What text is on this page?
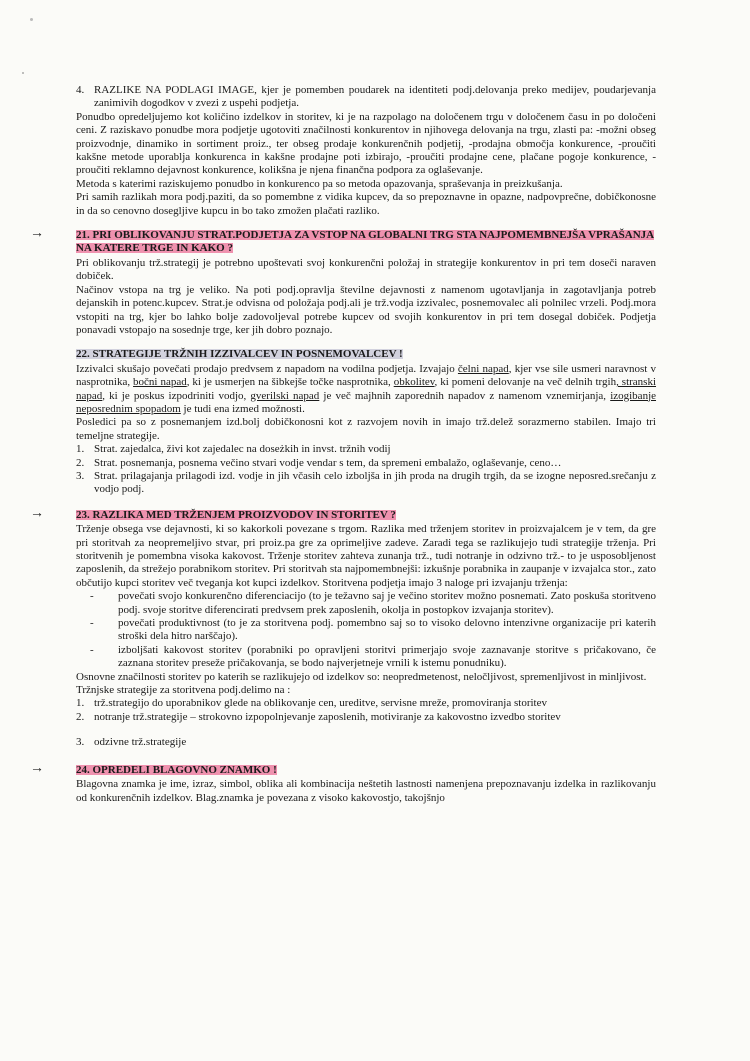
4. RAZLIKE NA PODLAGI IMAGE, kjer je pomemben poudarek na identiteti podj.delovanja preko medijev, poudarjevanja zanimivih dogodkov v zvezi z uspehi podjetja.

Ponudbo opredeljujemo kot količino izdelkov in storitev, ki je na razpolago na določenem trgu v določenem času in po določeni ceni. Z raziskavo ponudbe mora podjetje ugotoviti značilnosti konkurentov in njihovega delovanja na trgu, zlasti pa: -možni obseg proizvodnje, dinamiko in sortiment proiz., ter obseg prodaje konkurenčnih podjetij, -prodajna območja konkurence, -proučiti kakšne metode uporablja konkurenca in kakšne prodajne poti izbirajo, -proučiti prodajne cene, plačane pogoje konkurence, -proučiti reklamno dejavnost konkurence, kolikšna je njena finančna podpora za oglaševanje.

Metoda s katerimi raziskujemo ponudbo in konkurenco pa so metoda opazovanja, spraševanja in preizkušanja.

Pri samih razlikah mora podj.paziti, da so pomembne z vidika kupcev, da so prepoznavne in opazne, nadpovprečne, dobičkonosne in da so cenovno dosegljive kupcu in bo tako zmožen plačati razliko.

→	21. PRI OBLIKOVANJU STRAT.PODJETJA ZA VSTOP NA GLOBALNI TRG STA NAJPOMEMBNEJŠA VPRAŠANJA NA KATERE TRGE IN KAKO ?

Pri oblikovanju trž.strategij je potrebno upoštevati svoj konkurenčni položaj in strategije konkurentov in pri tem doseči naraven dobiček.

Načinov vstopa na trg je veliko. Na poti podj.opravlja številne dejavnosti z namenom ugotavljanja in zagotavljanja potreb dejanskih in potenc.kupcev. Strat.je odvisna od položaja podj.ali je trž.vodja izzivalec, posnemovalec ali polnilec vrzeli. Podj.mora vstopiti na trg, kjer bo lahko bolje zadovoljeval potrebe kupcev od svojih konkurentov in pri tem dosegal dobiček. Podjetja ponavadi vstopajo na sosednje trge, ker jih dobro poznajo.

22. STRATEGIJE TRŽNIH IZZIVALCEV IN POSNEMOVALCEV !

Izzivalci skušajo povečati prodajo predvsem z napadom na vodilna podjetja. Izvajajo čelni napad, kjer vse sile usmeri naravnost v nasprotnika, bočni napad, ki je usmerjen na šibkejše točke nasprotnika, obkolitev, ki pomeni delovanje na več delnih trgih, stranski napad, ki je poskus izpodriniti vodjo, gverilski napad je več majhnih zaporednih napadov z namenom vznemirjanja, izogibanje neposrednim spopadom je tudi ena izmed možnosti.

Posledici pa so z posnemanjem izd.bolj dobičkonosni kot z razvojem novih in imajo trž.delež sorazmerno stabilen. Imajo tri temeljne strategije.

1. Strat. zajedalca, živi kot zajedalec na doseżkih in invst. tržnih vodij
2. Strat. posnemanja, posnema večino stvari vodje vendar s tem, da spremeni embalažo, oglaševanje, ceno…
3. Strat. prilagajanja prilagodi izd. vodje in jih včasih celo izboljša in jih proda na drugih trgih, da se izogne neposred.srečanju z vodjo podj.
→	23. RAZLIKA MED TRŽENJEM PROIZVODOV IN STORITEV ?

Trženje obsega vse dejavnosti, ki so kakorkoli povezane s trgom. Razlika med trženjem storitev in proizvajalcem je v tem, da gre pri storitvah za neopremeljivo stvar, pri proiz.pa gre za oprimeljive zadeve. Zaradi tega se razlikujejo tudi strategije trženja. Pri storitvenih je pomembna visoka kakovost. Trženje storitev zahteva zunanja trž., tudi notranje in odzivno trž.- to je usposobljenost zaposlenih, da strežejo porabnikom storitev. Pri storitvah sta najpomembnejši: izkušnje porabnika in zaupanje v izvajalca stor., zato občutijo kupci storitev več tveganja kot kupci izdelkov. Storitvena podjetja imajo 3 naloge pri izvajanju trženja:

-	povečati svojo konkurenčno diferenciacijo (to je težavno saj je večino storitev možno posnemati. Zato poskuša storitveno podj. svoje storitve diferencirati predvsem prek zaposlenih, okolja in postopkov izvajanja storitev).
-	povečati produktivnost (to je za storitvena podj. pomembno saj so to visoko delovno intenzivne organizacije pri katerih stroški dela hitro narščajo).
-	izboljšati kakovost storitev (porabniki po opravljeni storitvi primerjajo svoje zaznavanje storitve s pričakovano, če zaznana storitev preseže pričakovanja, se bodo najverjetneje vrnili k istemu ponudniku).

Osnovne značilnosti storitev po katerih se razlikujejo od izdelkov so: neopredmetenost, neločljivost, spremenljivost in minljivost.

Tržnjske strategije za storitvena podj.delimo na :

1. trž.strategijo do uporabnikov glede na oblikovanje cen, ureditve, servisne mreže, promoviranja storitev
2. notranje trž.strategije – strokovno izpopolnjevanje zaposlenih, motiviranje za kakovostno izvedbo storitev
3. odzivne trž.strategije
→	24. OPREDELI BLAGOVNO ZNAMKO !

Blagovna znamka je ime, izraz, simbol, oblika ali kombinacija neštetih lastnosti namenjena prepoznavanju izdelka in razlikovanju od konkurenčnih izdelkov. Blag.znamka je povezana z visoko kakovostjo, takojšnjo
